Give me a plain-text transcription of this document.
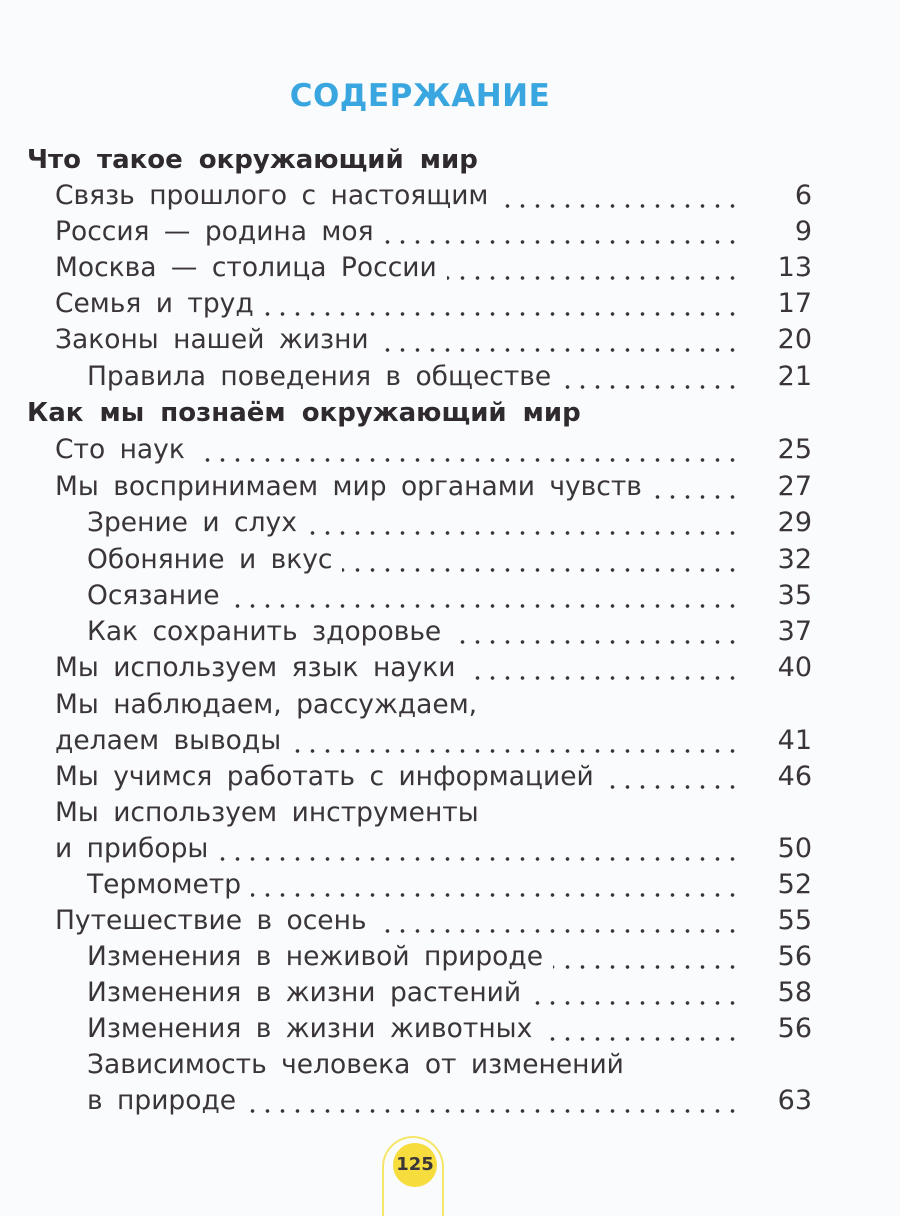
СОДЕРЖАНИЕ
Что такое окружающий мир
Связь прошлого с настоящим	6
Россия — родина моя	9
Москва — столица России	13
Семья и труд	17
Законы нашей жизни	20
Правила поведения в обществе	21
Как мы познаём окружающий мир
Сто наук	25
Мы воспринимаем мир органами чувств	27
Зрение и слух	29
Обоняние и вкус	32
Осязание	35
Как сохранить здоровье	37
Мы используем язык науки	40
Мы наблюдаем, рассуждаем,
делаем выводы	41
Мы учимся работать с информацией	46
Мы используем инструменты
и приборы	50
Термометр	52
Путешествие в осень	55
Изменения в неживой природе	56
Изменения в жизни растений	58
Изменения в жизни животных	56
Зависимость человека от изменений
в природе	63
125
